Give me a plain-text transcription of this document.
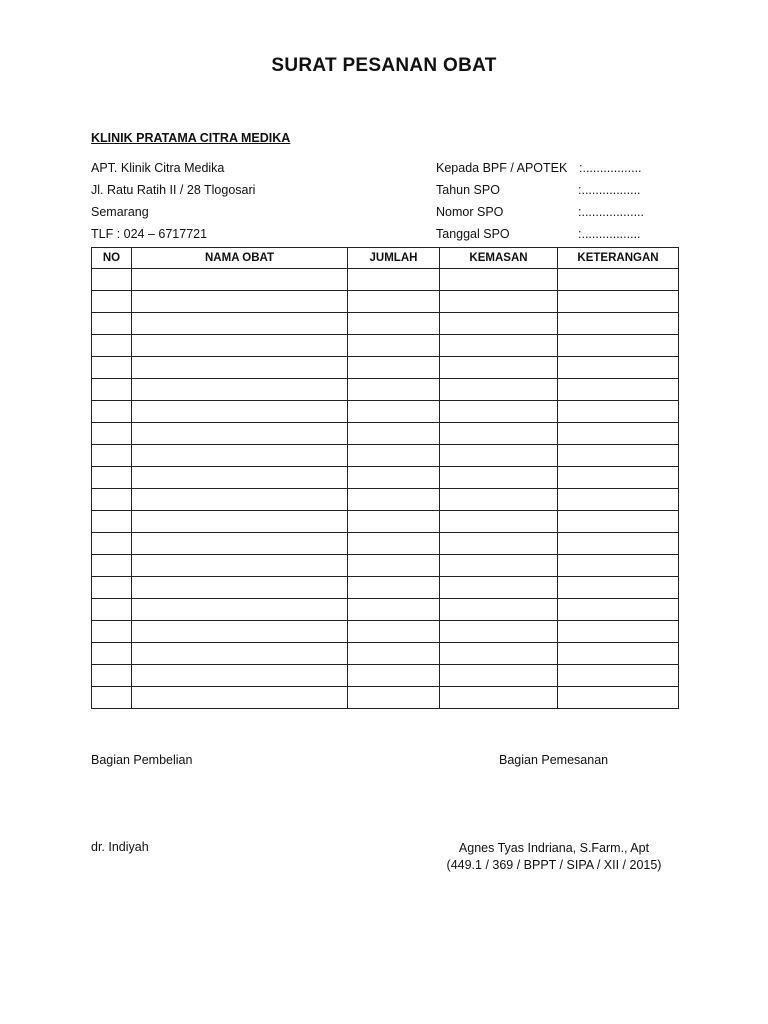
SURAT PESANAN OBAT
KLINIK PRATAMA CITRA MEDIKA
APT. Klinik Citra Medika
Jl. Ratu Ratih II / 28 Tlogosari
Semarang
TLF : 024 – 6717721
Kepada BPF / APOTEK :.................
Tahun SPO	:.................
Nomor SPO	:..................
Tanggal SPO	:.................
NO	NAMA OBAT	JUMLAH	KEMASAN	KETERANGAN

Bagian Pembelian	Bagian Pemesanan
dr. Indiyah	Agnes Tyas Indriana, S.Farm., Apt
(449.1 / 369 / BPPT / SIPA / XII / 2015)
